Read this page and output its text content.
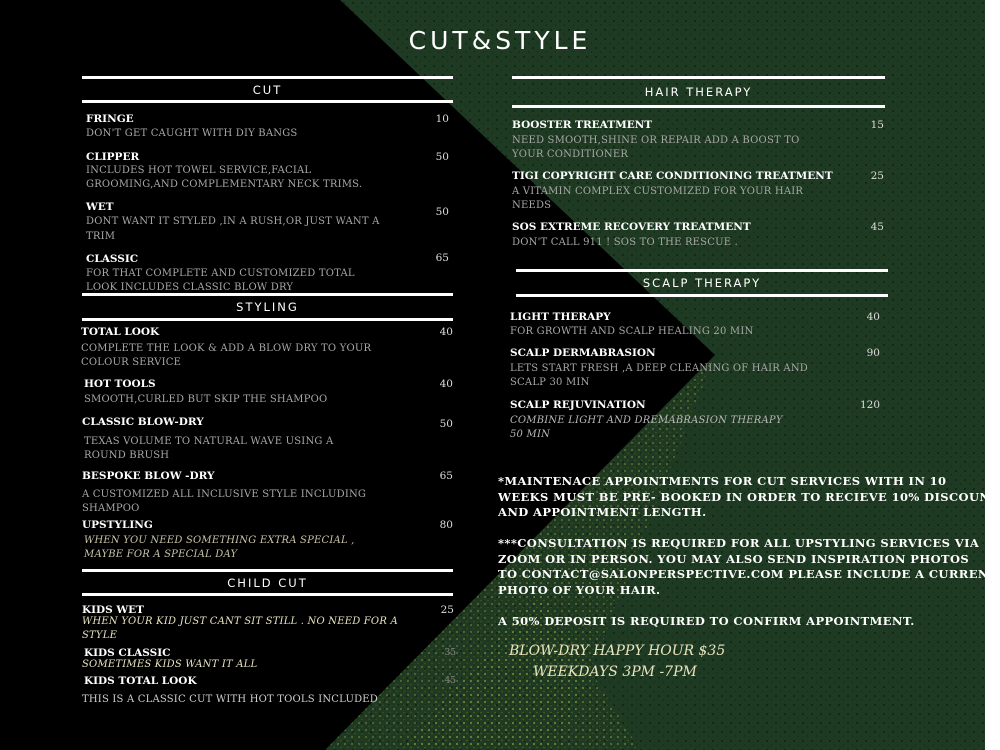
CUT&STYLE
CUT
FRINGE	10
DON'T GET CAUGHT WITH DIY BANGS
CLIPPER	50
INCLUDES HOT TOWEL SERVICE,FACIAL
GROOMING,AND COMPLEMENTARY NECK TRIMS.
WET	50
DONT WANT IT STYLED ,IN A RUSH,OR JUST WANT A
TRIM
CLASSIC	65
FOR THAT COMPLETE AND CUSTOMIZED TOTAL
LOOK INCLUDES CLASSIC BLOW DRY
STYLING
TOTAL LOOK	40
COMPLETE THE LOOK & ADD A BLOW DRY TO YOUR
COLOUR SERVICE
HOT TOOLS	40
SMOOTH,CURLED BUT SKIP THE SHAMPOO
CLASSIC BLOW-DRY	50
TEXAS VOLUME TO NATURAL WAVE USING A
ROUND BRUSH
BESPOKE BLOW -DRY	65
A CUSTOMIZED ALL INCLUSIVE STYLE INCLUDING
SHAMPOO
UPSTYLING	80
WHEN YOU NEED SOMETHING EXTRA SPECIAL ,
MAYBE FOR A SPECIAL DAY
CHILD CUT
KIDS WET	25
WHEN YOUR KID JUST CANT SIT STILL . NO NEED FOR A
STYLE
KIDS CLASSIC	35
SOMETIMES KIDS WANT IT ALL
KIDS TOTAL LOOK	45
THIS IS A CLASSIC CUT WITH HOT TOOLS INCLUDED
HAIR THERAPY
BOOSTER TREATMENT	15
NEED SMOOTH,SHINE OR REPAIR ADD A BOOST TO
YOUR CONDITIONER
TIGI COPYRIGHT CARE CONDITIONING TREATMENT	25
A VITAMIN COMPLEX CUSTOMIZED FOR YOUR HAIR
NEEDS
SOS EXTREME RECOVERY TREATMENT	45
DON'T CALL 911 ! SOS TO THE RESCUE .
SCALP THERAPY
LIGHT THERAPY	40
FOR GROWTH AND SCALP HEALING 20 MIN
SCALP DERMABRASION	90
LETS START FRESH ,A DEEP CLEANING OF HAIR AND
SCALP 30 MIN
SCALP REJUVINATION	120
COMBINE LIGHT AND DREMABRASION THERAPY
50 MIN
*MAINTENACE APPOINTMENTS FOR CUT SERVICES WITH IN 10
WEEKS MUST BE PRE- BOOKED IN ORDER TO RECIEVE 10% DISCOUNT
AND APPOINTMENT LENGTH.
***CONSULTATION IS REQUIRED FOR ALL UPSTYLING SERVICES VIA
ZOOM OR IN PERSON. YOU MAY ALSO SEND INSPIRATION PHOTOS
TO CONTACT@SALONPERSPECTIVE.COM PLEASE INCLUDE A CURRENT
PHOTO OF YOUR HAIR.
A 50% DEPOSIT IS REQUIRED TO CONFIRM APPOINTMENT.
BLOW-DRY HAPPY HOUR $35
WEEKDAYS 3PM -7PM
